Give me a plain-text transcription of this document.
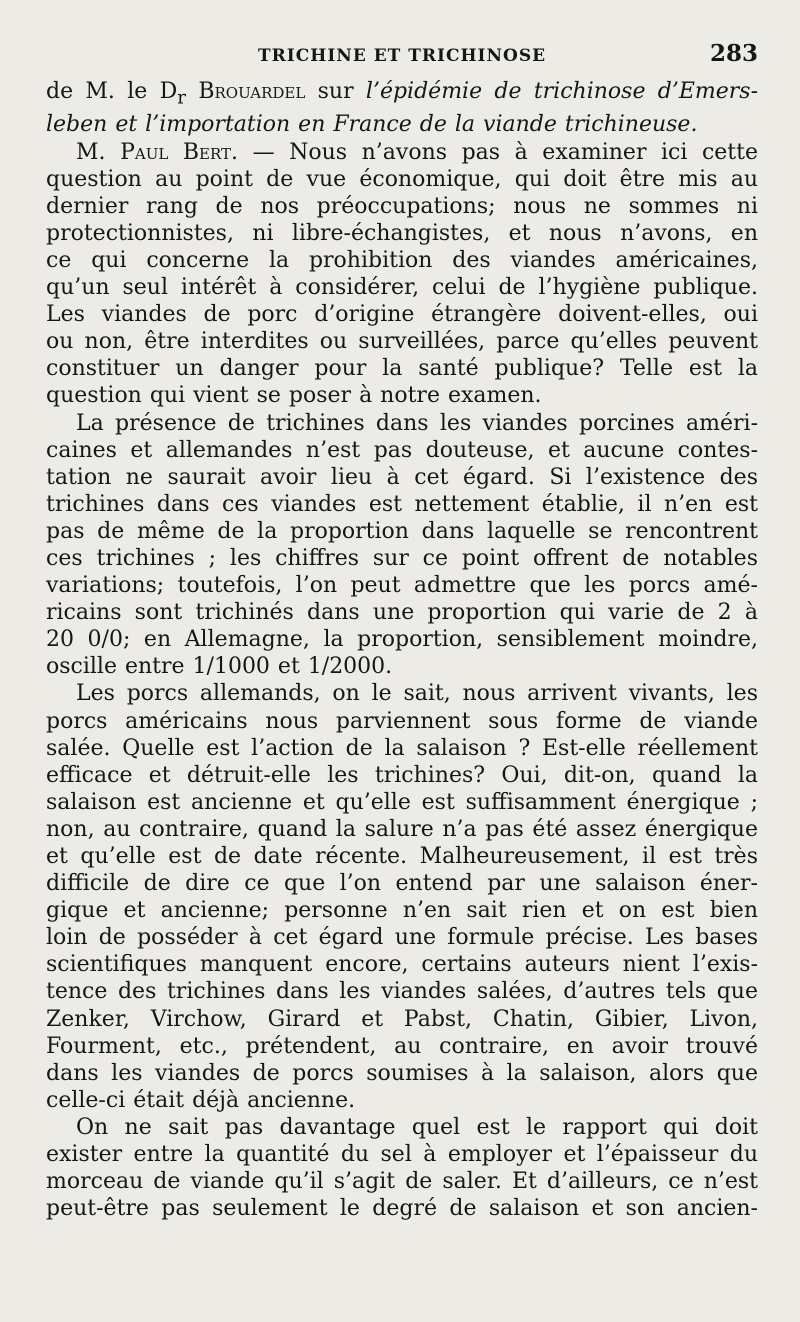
TRICHINE ET TRICHINOSE	283
de M. le $D_r$ Brouardel sur l’épidémie de trichinose d’Emers-
leben et l’importation en France de la viande trichineuse.
M. Paul Bert. — Nous n’avons pas à examiner ici cette
question au point de vue économique, qui doit être mis au
dernier rang de nos préoccupations; nous ne sommes ni
protectionnistes, ni libre-échangistes, et nous n’avons, en
ce qui concerne la prohibition des viandes américaines,
qu’un seul intérêt à considérer, celui de l’hygiène publique.
Les viandes de porc d’origine étrangère doivent-elles, oui
ou non, être interdites ou surveillées, parce qu’elles peuvent
constituer un danger pour la santé publique? Telle est la
question qui vient se poser à notre examen.
La présence de trichines dans les viandes porcines améri-
caines et allemandes n’est pas douteuse, et aucune contes-
tation ne saurait avoir lieu à cet égard. Si l’existence des
trichines dans ces viandes est nettement établie, il n’en est
pas de même de la proportion dans laquelle se rencontrent
ces trichines ; les chiffres sur ce point offrent de notables
variations; toutefois, l’on peut admettre que les porcs amé-
ricains sont trichinés dans une proportion qui varie de 2 à
20 0/0; en Allemagne, la proportion, sensiblement moindre,
oscille entre 1/1000 et 1/2000.
Les porcs allemands, on le sait, nous arrivent vivants, les
porcs américains nous parviennent sous forme de viande
salée. Quelle est l’action de la salaison ? Est-elle réellement
efficace et détruit-elle les trichines? Oui, dit-on, quand la
salaison est ancienne et qu’elle est suffisamment énergique ;
non, au contraire, quand la salure n’a pas été assez énergique
et qu’elle est de date récente. Malheureusement, il est très
difficile de dire ce que l’on entend par une salaison éner-
gique et ancienne; personne n’en sait rien et on est bien
loin de posséder à cet égard une formule précise. Les bases
scientifiques manquent encore, certains auteurs nient l’exis-
tence des trichines dans les viandes salées, d’autres tels que
Zenker, Virchow, Girard et Pabst, Chatin, Gibier, Livon,
Fourment, etc., prétendent, au contraire, en avoir trouvé
dans les viandes de porcs soumises à la salaison, alors que
celle-ci était déjà ancienne.
On ne sait pas davantage quel est le rapport qui doit
exister entre la quantité du sel à employer et l’épaisseur du
morceau de viande qu’il s’agit de saler. Et d’ailleurs, ce n’est
peut-être pas seulement le degré de salaison et son ancien-
